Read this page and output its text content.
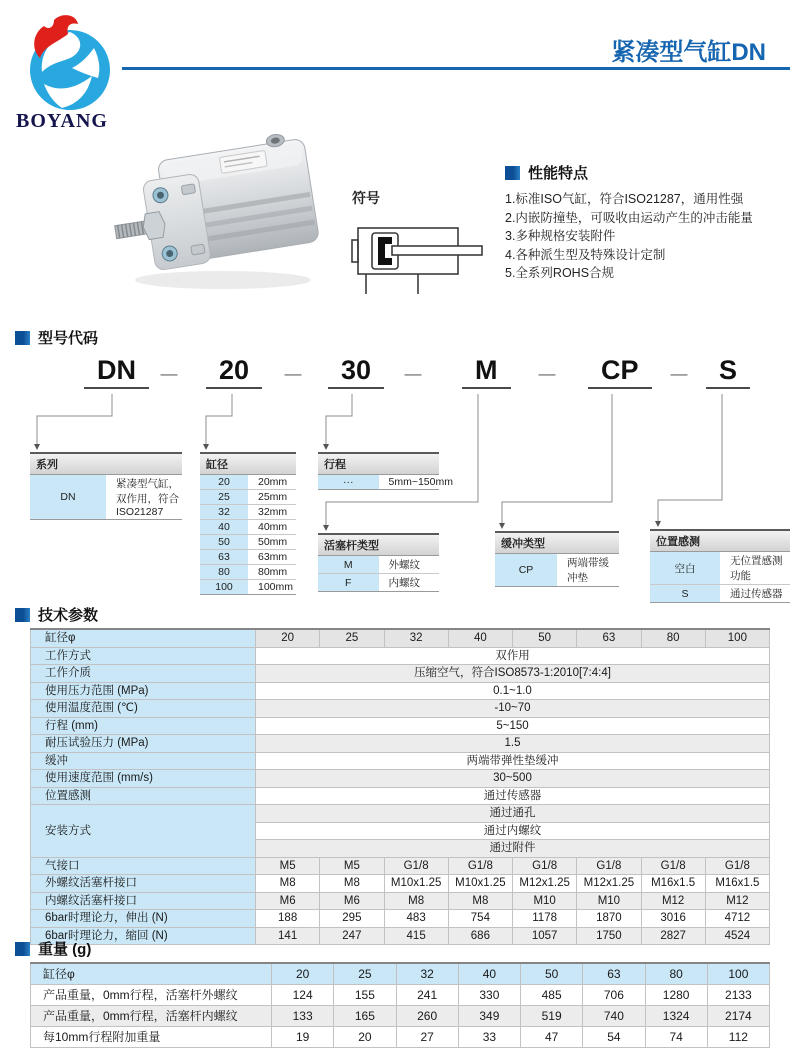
BOYANG
紧凑型气缸DN
符号
性能特点
1.标准ISO气缸，符合ISO21287，通用性强
2.内嵌防撞垫，可吸收由运动产生的冲击能量
3.多种规格安装附件
4.各种派生型及特殊设计定制
5.全系列ROHS合规
型号代码
DN	20	30	M	CP	S
—	—	—	—	—
系列
DN	紧凑型气缸，双作用，符合ISO21287
缸径	
20	20mm
25	25mm
32	32mm
40	40mm
50	50mm
63	63mm
80	80mm
100	100mm
行程
···	5mm~150mm
活塞杆类型	
M	外螺纹
F	内螺纹
缓冲类型
CP	两端带缓冲垫
位置感测	
空白	无位置感测功能
S	通过传感器
技术参数
缸径φ	20	25	32	40	50	63	80	100
工作方式	双作用							
工作介质	压缩空气，符合ISO8573-1:2010[7:4:4]							
使用压力范围 (MPa)	0.1~1.0							
使用温度范围 (℃)	-10~70							
行程 (mm)	5~150							
耐压试验压力 (MPa)	1.5							
缓冲	两端带弹性垫缓冲							
使用速度范围 (mm/s)	30~500							
位置感测	通过传感器							
安装方式	通过通孔							
	通过内螺纹							
	通过附件							
气接口	M5	M5	G1/8	G1/8	G1/8	G1/8	G1/8	G1/8
外螺纹活塞杆接口	M8	M8	M10x1.25	M10x1.25	M12x1.25	M12x1.25	M16x1.5	M16x1.5
内螺纹活塞杆接口	M6	M6	M8	M8	M10	M10	M12	M12
6bar时理论力，伸出 (N)	188	295	483	754	1178	1870	3016	4712
6bar时理论力，缩回 (N)	141	247	415	686	1057	1750	2827	4524
重量 (g)
缸径φ	20	25	32	40	50	63	80	100
产品重量，0mm行程，活塞杆外螺纹	124	155	241	330	485	706	1280	2133
产品重量，0mm行程，活塞杆内螺纹	133	165	260	349	519	740	1324	2174
每10mm行程附加重量	19	20	27	33	47	54	74	112
